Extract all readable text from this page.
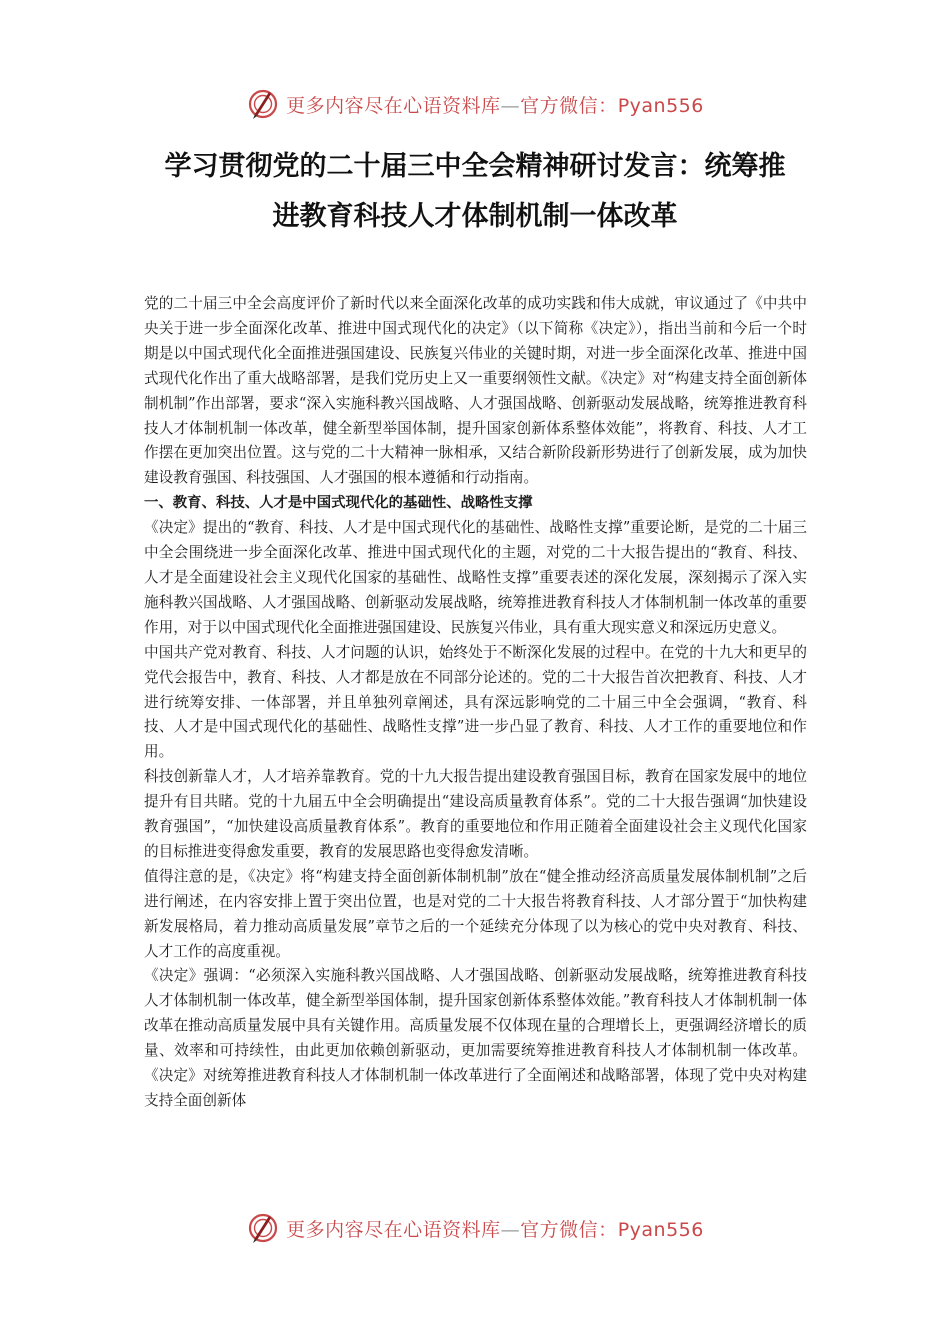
更多内容尽在心语资料库—官方微信：Pyan556
学习贯彻党的二十届三中全会精神研讨发言：统筹推
进教育科技人才体制机制一体改革

党的二十届三中全会高度评价了新时代以来全面深化改革的成功实践和伟大成就，审议通过了《中共中央关于进一步全面深化改革、推进中国式现代化的决定》（以下简称《决定》），指出当前和今后一个时期是以中国式现代化全面推进强国建设、民族复兴伟业的关键时期，对进一步全面深化改革、推进中国式现代化作出了重大战略部署，是我们党历史上又一重要纲领性文献。《决定》对“构建支持全面创新体制机制”作出部署，要求“深入实施科教兴国战略、人才强国战略、创新驱动发展战略，统筹推进教育科技人才体制机制一体改革，健全新型举国体制，提升国家创新体系整体效能”，将教育、科技、人才工作摆在更加突出位置。这与党的二十大精神一脉相承，又结合新阶段新形势进行了创新发展，成为加快建设教育强国、科技强国、人才强国的根本遵循和行动指南。

一、教育、科技、人才是中国式现代化的基础性、战略性支撑

《决定》提出的“教育、科技、人才是中国式现代化的基础性、战略性支撑”重要论断，是党的二十届三中全会围绕进一步全面深化改革、推进中国式现代化的主题，对党的二十大报告提出的“教育、科技、人才是全面建设社会主义现代化国家的基础性、战略性支撑”重要表述的深化发展，深刻揭示了深入实施科教兴国战略、人才强国战略、创新驱动发展战略，统筹推进教育科技人才体制机制一体改革的重要作用，对于以中国式现代化全面推进强国建设、民族复兴伟业，具有重大现实意义和深远历史意义。

中国共产党对教育、科技、人才问题的认识，始终处于不断深化发展的过程中。在党的十九大和更早的党代会报告中，教育、科技、人才都是放在不同部分论述的。党的二十大报告首次把教育、科技、人才进行统筹安排、一体部署，并且单独列章阐述，具有深远影响党的二十届三中全会强调，“教育、科技、人才是中国式现代化的基础性、战略性支撑”进一步凸显了教育、科技、人才工作的重要地位和作用。

科技创新靠人才，人才培养靠教育。党的十九大报告提出建设教育强国目标，教育在国家发展中的地位提升有目共睹。党的十九届五中全会明确提出“建设高质量教育体系”。党的二十大报告强调“加快建设教育强国”，“加快建设高质量教育体系”。教育的重要地位和作用正随着全面建设社会主义现代化国家的目标推进变得愈发重要，教育的发展思路也变得愈发清晰。

值得注意的是，《决定》将“构建支持全面创新体制机制”放在“健全推动经济高质量发展体制机制”之后进行阐述，在内容安排上置于突出位置，也是对党的二十大报告将教育科技、人才部分置于“加快构建新发展格局，着力推动高质量发展”章节之后的一个延续充分体现了以为核心的党中央对教育、科技、人才工作的高度重视。

《决定》强调：“必须深入实施科教兴国战略、人才强国战略、创新驱动发展战略，统筹推进教育科技人才体制机制一体改革，健全新型举国体制，提升国家创新体系整体效能。”教育科技人才体制机制一体改革在推动高质量发展中具有关键作用。高质量发展不仅体现在量的合理增长上，更强调经济增长的质量、效率和可持续性，由此更加依赖创新驱动，更加需要统筹推进教育科技人才体制机制一体改革。《决定》对统筹推进教育科技人才体制机制一体改革进行了全面阐述和战略部署，体现了党中央对构建支持全面创新体

更多内容尽在心语资料库—官方微信：Pyan556
